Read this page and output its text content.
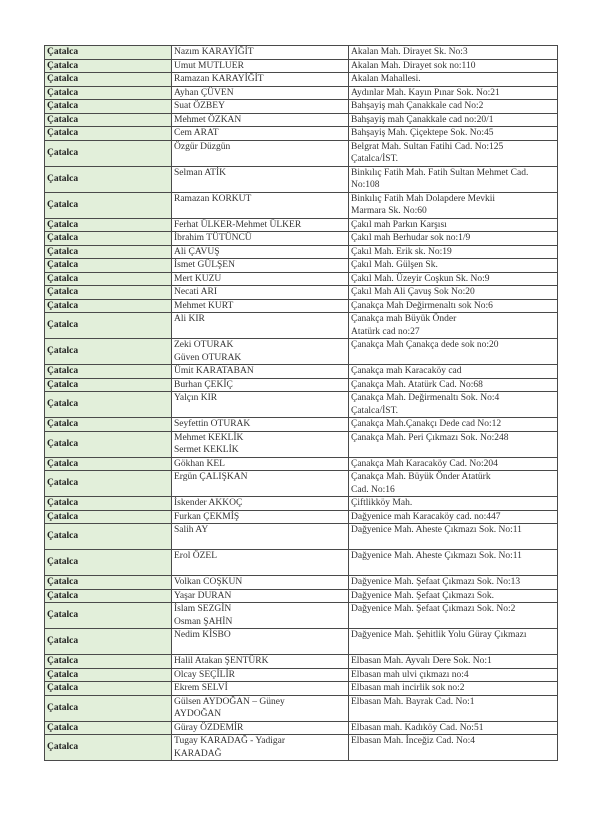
Çatalca	Nazım KARAYİĞİT	Akalan Mah. Dirayet Sk. No:3

Çatalca	Umut MUTLUER	Akalan Mah. Dirayet sok no:110

Çatalca	Ramazan KARAYİĞİT	Akalan Mahallesi.

Çatalca	Ayhan ÇÜVEN	Aydınlar Mah. Kayın Pınar Sok. No:21

Çatalca	Suat ÖZBEY	Bahşayiş mah Çanakkale cad No:2

Çatalca	Mehmet ÖZKAN	Bahşayiş mah Çanakkale cad no:20/1

Çatalca	Cem ARAT	Bahşayiş Mah. Çiçektepe Sok. No:45

Çatalca	Özgür Düzgün	Belgrat Mah. Sultan Fatihi Cad. No:125
Çatalca/İST.

Çatalca	Selman ATİK	Binkılıç Fatih Mah. Fatih Sultan Mehmet Cad.
No:108

Çatalca	Ramazan KORKUT	Binkılıç Fatih Mah Dolapdere Mevkii
Marmara Sk. No:60

Çatalca	Ferhat ÜLKER-Mehmet ÜLKER	Çakıl mah Parkın Karşısı

Çatalca	İbrahim TÜTÜNCÜ	Çakıl mah Berhudar sok no:1/9

Çatalca	Ali ÇAVUŞ	Çakıl Mah. Erik sk. No:19

Çatalca	İsmet GÜLŞEN	Çakıl Mah. Gülşen Sk.

Çatalca	Mert KUZU	Çakıl Mah. Üzeyir Coşkun Sk. No:9

Çatalca	Necati ARI	Çakıl Mah Ali Çavuş Sok No:20

Çatalca	Mehmet KURT	Çanakça Mah Değirmenaltı sok No:6

Çatalca	Ali KIR	Çanakça mah Büyük Önder
Atatürk cad no:27

Çatalca	Zeki OTURAK
Güven OTURAK	Çanakça Mah Çanakça dede sok no:20

Çatalca	Ümit KARATABAN	Çanakça mah Karacaköy cad

Çatalca	Burhan ÇEKİÇ	Çanakça Mah. Atatürk Cad. No:68

Çatalca	Yalçın KIR	Çanakça Mah. Değirmenaltı Sok. No:4
Çatalca/İST.

Çatalca	Seyfettin OTURAK	Çanakça Mah.Çanakçı Dede cad No:12

Çatalca	Mehmet KEKLİK
Sermet KEKLİK	Çanakça Mah. Peri Çıkmazı Sok. No:248

Çatalca	Gökhan KEL	Çanakça Mah Karacaköy Cad. No:204

Çatalca	Ergün ÇALIŞKAN	Çanakça Mah. Büyük Önder Atatürk
Cad. No:16

Çatalca	İskender AKKOÇ	Çiftlikköy Mah.

Çatalca	Furkan ÇEKMİŞ	Dağyenice mah Karacaköy cad. no:447

Çatalca	Salih AY	Dağyenice Mah. Aheste Çıkmazı Sok. No:11

Çatalca	Erol ÖZEL	Dağyenice Mah. Aheste Çıkmazı Sok. No:11

Çatalca	Volkan COŞKUN	Dağyenice Mah. Şefaat Çıkmazı Sok. No:13

Çatalca	Yaşar DURAN	Dağyenice Mah. Şefaat Çıkmazı Sok.

Çatalca	İslam SEZGİN
Osman ŞAHİN	Dağyenice Mah. Şefaat Çıkmazı Sok. No:2

Çatalca	Nedim KİSBO	Dağyenice Mah. Şehitlik Yolu Güray Çıkmazı

Çatalca	Halil Atakan ŞENTÜRK	Elbasan Mah. Ayvalı Dere Sok. No:1

Çatalca	Olcay SEÇİLİR	Elbasan mah ulvi çıkmazı no:4

Çatalca	Ekrem SELVİ	Elbasan mah incirlik sok no:2

Çatalca	Gülsen AYDOĞAN – Güney
AYDOĞAN	Elbasan Mah. Bayrak Cad. No:1

Çatalca	Güray ÖZDEMİR	Elbasan mah. Kadıköy Cad. No:51

Çatalca	Tugay KARADAĞ - Yadigar
KARADAĞ	Elbasan Mah. İnceğiz Cad. No:4
